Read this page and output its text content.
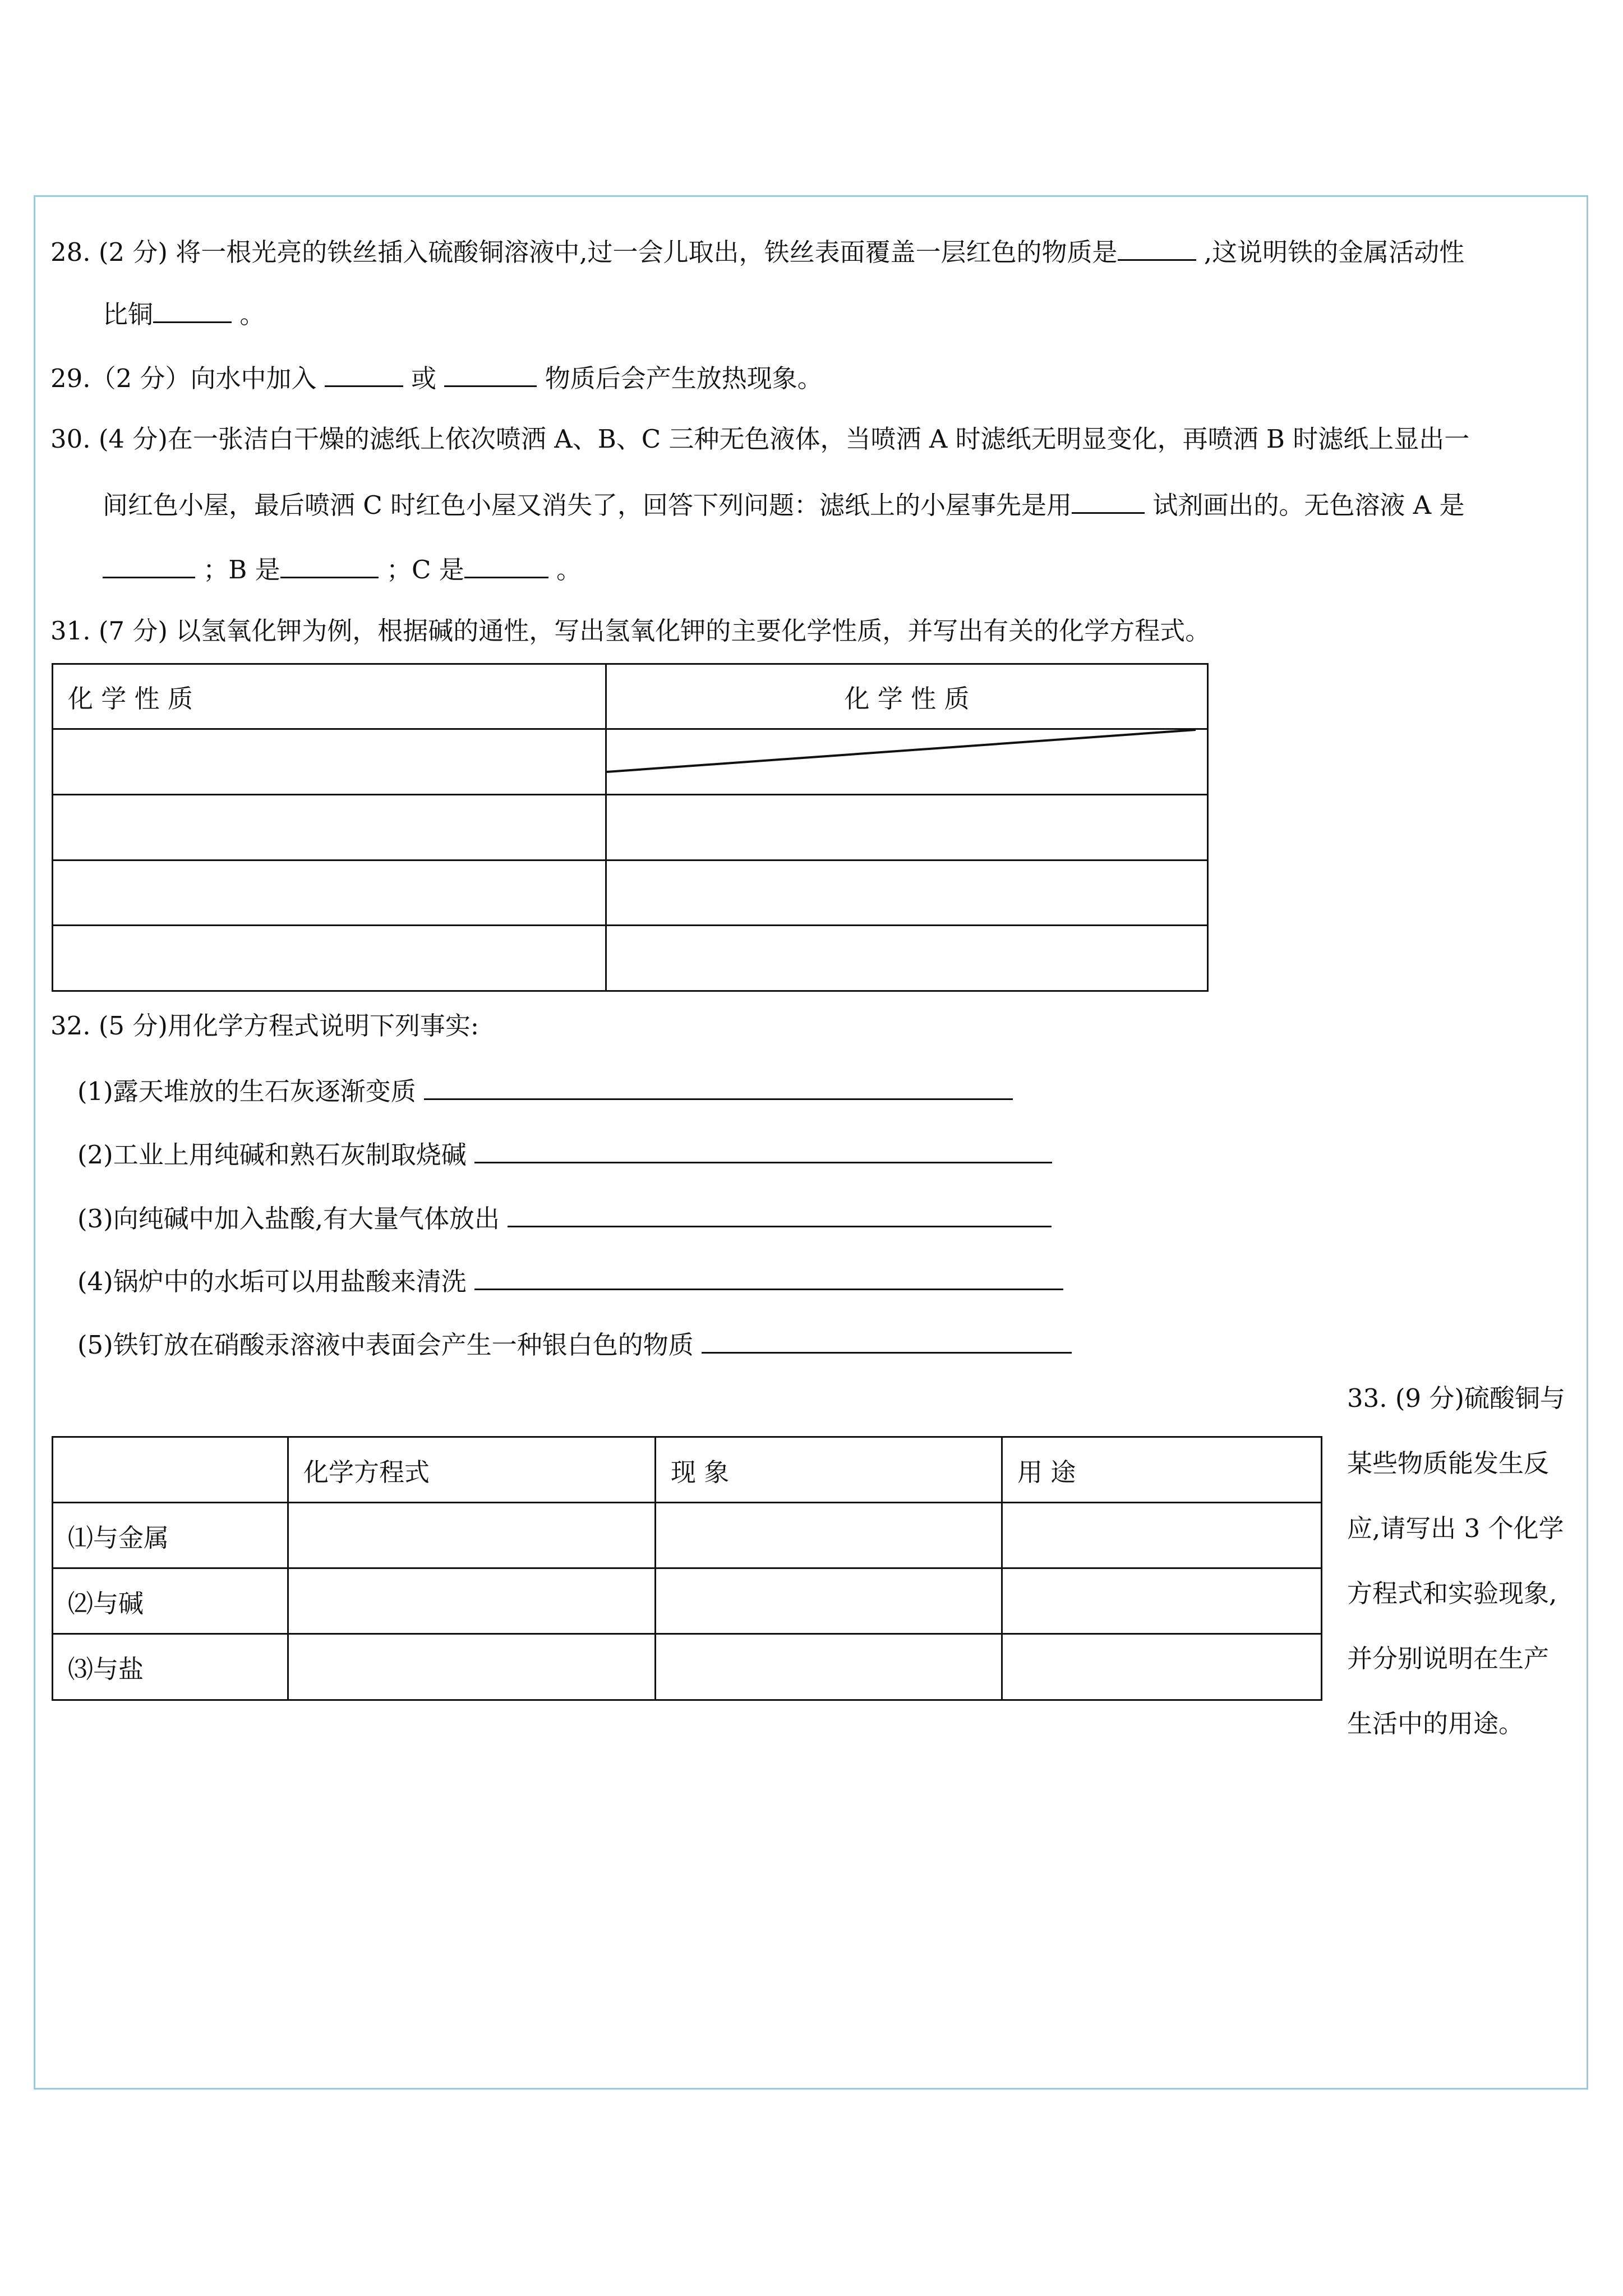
28. (2 分) 将一根光亮的铁丝插入硫酸铜溶液中,过一会儿取出，铁丝表面覆盖一层红色的物质是	,这说明铁的金属活动性
比铜	。
29.（2 分）向水中加入	或	物质后会产生放热现象。
30. (4 分)在一张洁白干燥的滤纸上依次喷洒 A、B、C 三种无色液体，当喷洒 A 时滤纸无明显变化，再喷洒 B 时滤纸上显出一
间红色小屋，最后喷洒 C 时红色小屋又消失了，回答下列问题：滤纸上的小屋事先是用	试剂画出的。无色溶液 A 是
；B 是	；C 是	。
31. (7 分) 以氢氧化钾为例，根据碱的通性，写出氢氧化钾的主要化学性质，并写出有关的化学方程式。
化 学 性 质	化 学 性 质

32. (5 分)用化学方程式说明下列事实:
(1)露天堆放的生石灰逐渐变质
(2)工业上用纯碱和熟石灰制取烧碱
(3)向纯碱中加入盐酸,有大量气体放出
(4)锅炉中的水垢可以用盐酸来清洗
(5)铁钉放在硝酸汞溶液中表面会产生一种银白色的物质
33. (9 分)硫酸铜与
某些物质能发生反
应,请写出 3 个化学
方程式和实验现象,
并分别说明在生产
生活中的用途。
	化学方程式	现 象	用 途
⑴与金属			
⑵与碱			
⑶与盐			
